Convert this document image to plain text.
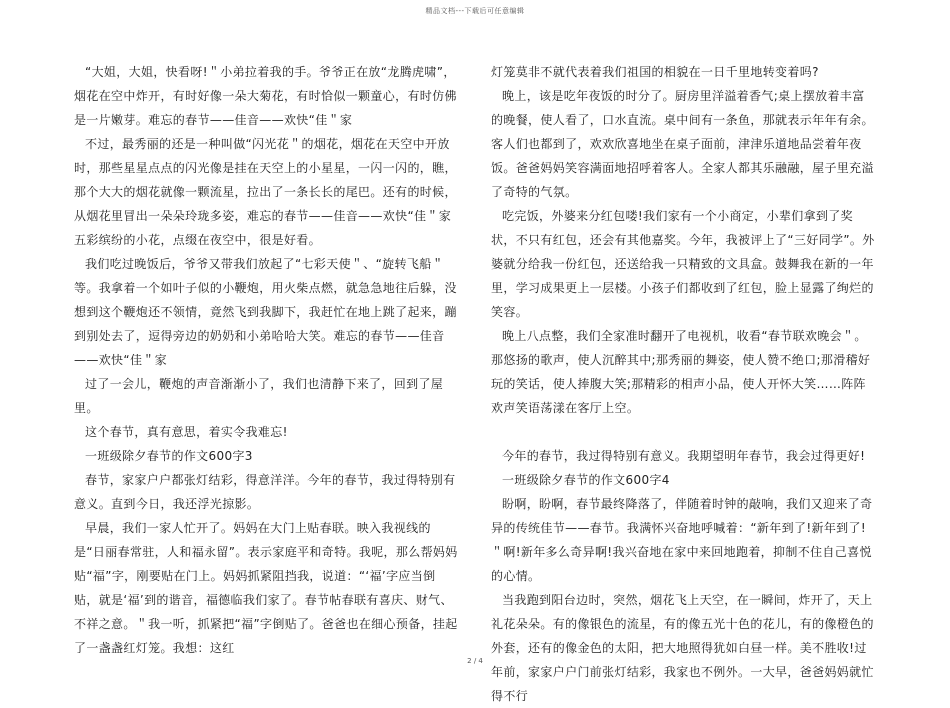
精品文档---下载后可任意编辑

“大姐，大姐，快看呀!＂小弟拉着我的手。爷爷正在放“龙腾虎啸”，烟花在空中炸开，有时好像一朵大菊花，有时恰似一颗童心，有时仿佛是一片嫩芽。难忘的春节——佳音——欢快“佳＂家

不过，最秀丽的还是一种叫做“闪光花＂的烟花，烟花在天空中开放时，那些星星点点的闪光像是挂在天空上的小星星，一闪一闪的，瞧，那个大大的烟花就像一颗流星，拉出了一条长长的尾巴。还有的时候，从烟花里冒出一朵朵玲珑多姿，难忘的春节——佳音——欢快“佳＂家五彩缤纷的小花，点缀在夜空中，很是好看。

我们吃过晚饭后，爷爷又带我们放起了“七彩天使＂、“旋转飞船＂等。我拿着一个如叶子似的小鞭炮，用火柴点燃，就急急地往后躲，没想到这个鞭炮还不领情，竟然飞到我脚下，我赶忙在地上跳了起来，蹦到别处去了，逗得旁边的奶奶和小弟哈哈大笑。难忘的春节——佳音——欢快“佳＂家

过了一会儿，鞭炮的声音渐渐小了，我们也清静下来了，回到了屋里。

这个春节，真有意思，着实令我难忘!

一班级除夕春节的作文600字3

春节，家家户户都张灯结彩，得意洋洋。今年的春节，我过得特别有意义。直到今日，我还浮光掠影。

早晨，我们一家人忙开了。妈妈在大门上贴春联。映入我视线的是“日丽春常驻，人和福永留”。表示家庭平和奇特。我呢，那么帮妈妈贴“福”字，刚要贴在门上。妈妈抓紧阻挡我，说道：“‘福’字应当倒贴，就是‘福’到的谐音，福德临我们家了。春节帖春联有喜庆、财气、不祥之意。＂我一听，抓紧把“福”字倒贴了。爸爸也在细心预备，挂起了一盏盏红灯笼。我想：这红

灯笼莫非不就代表着我们祖国的相貌在一日千里地转变着吗?

晚上，该是吃年夜饭的时分了。厨房里洋溢着香气;桌上摆放着丰富的晚餐，使人看了，口水直流。桌中间有一条鱼，那就表示年年有余。客人们也都到了，欢欢欣喜地坐在桌子面前，津津乐道地品尝着年夜饭。爸爸妈妈笑容满面地招呼着客人。全家人都其乐融融，屋子里充溢了奇特的气氛。

吃完饭，外婆来分红包喽!我们家有一个小商定，小辈们拿到了奖状，不只有红包，还会有其他嘉奖。今年，我被评上了“三好同学”。外婆就分给我一份红包，还送给我一只精致的文具盒。鼓舞我在新的一年里，学习成果更上一层楼。小孩子们都收到了红包，脸上显露了绚烂的笑容。

晚上八点整，我们全家准时翻开了电视机，收看“春节联欢晚会＂。那悠扬的歌声，使人沉醉其中;那秀丽的舞姿，使人赞不绝口;那滑稽好玩的笑话，使人捧腹大笑;那精彩的相声小品，使人开怀大笑……阵阵欢声笑语荡漾在客厅上空。

今年的春节，我过得特别有意义。我期望明年春节，我会过得更好!

一班级除夕春节的作文600字4

盼啊，盼啊，春节最终降落了，伴随着时钟的敲响，我们又迎来了奇异的传统佳节——春节。我满怀兴奋地呼喊着：“新年到了!新年到了!＂啊!新年多么奇异啊!我兴奋地在家中来回地跑着，抑制不住自己喜悦的心情。

当我跑到阳台边时，突然，烟花飞上天空，在一瞬间，炸开了，天上礼花朵朵。有的像银色的流星，有的像五光十色的花儿，有的像橙色的外套，还有的像金色的太阳，把大地照得犹如白昼一样。美不胜收!过年前，家家户户门前张灯结彩，我家也不例外。一大早，爸爸妈妈就忙得不行

2 / 4
